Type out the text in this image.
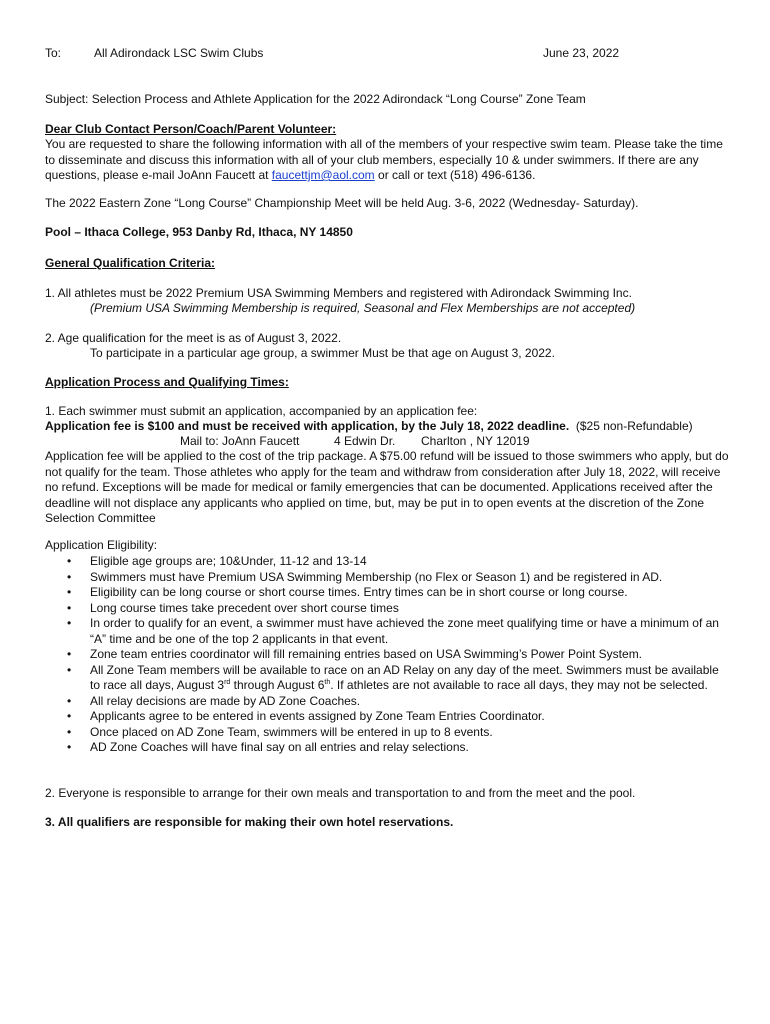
To:	All Adirondack LSC Swim Clubs	June 23, 2022
Subject: Selection Process and Athlete Application for the 2022 Adirondack “Long Course” Zone Team
Dear Club Contact Person/Coach/Parent Volunteer:
You are requested to share the following information with all of the members of your respective swim team. Please take the time to disseminate and discuss this information with all of your club members, especially 10 & under swimmers. If there are any questions, please e-mail JoAnn Faucett at faucettjm@aol.com or call or text (518) 496-6136.
The 2022 Eastern Zone “Long Course” Championship Meet will be held Aug. 3-6, 2022 (Wednesday- Saturday).
Pool – Ithaca College, 953 Danby Rd, Ithaca, NY 14850
General Qualification Criteria:
1. All athletes must be 2022 Premium USA Swimming Members and registered with Adirondack Swimming Inc.
(Premium USA Swimming Membership is required, Seasonal and Flex Memberships are not accepted)
2. Age qualification for the meet is as of August 3, 2022.
To participate in a particular age group, a swimmer Must be that age on August 3, 2022.
Application Process and Qualifying Times:
1. Each swimmer must submit an application, accompanied by an application fee:
Application fee is $100 and must be received with application, by the July 18, 2022 deadline. ($25 non-Refundable)
Mail to: JoAnn Faucett	4 Edwin Dr. Charlton , NY 12019
Application fee will be applied to the cost of the trip package. A $75.00 refund will be issued to those swimmers who apply, but do not qualify for the team. Those athletes who apply for the team and withdraw from consideration after July 18, 2022, will receive no refund. Exceptions will be made for medical or family emergencies that can be documented. Applications received after the deadline will not displace any applicants who applied on time, but, may be put in to open events at the discretion of the Zone Selection Committee
Application Eligibility:
• Eligible age groups are; 10&Under, 11-12 and 13-14
• Swimmers must have Premium USA Swimming Membership (no Flex or Season 1) and be registered in AD.
• Eligibility can be long course or short course times. Entry times can be in short course or long course.
• Long course times take precedent over short course times
• In order to qualify for an event, a swimmer must have achieved the zone meet qualifying time or have a minimum of an “A” time and be one of the top 2 applicants in that event.
• Zone team entries coordinator will fill remaining entries based on USA Swimming’s Power Point System.
• All Zone Team members will be available to race on an AD Relay on any day of the meet. Swimmers must be available to race all days, August 3rd through August 6th. If athletes are not available to race all days, they may not be selected.
• All relay decisions are made by AD Zone Coaches.
• Applicants agree to be entered in events assigned by Zone Team Entries Coordinator.
• Once placed on AD Zone Team, swimmers will be entered in up to 8 events.
• AD Zone Coaches will have final say on all entries and relay selections.
2. Everyone is responsible to arrange for their own meals and transportation to and from the meet and the pool.
3. All qualifiers are responsible for making their own hotel reservations.
